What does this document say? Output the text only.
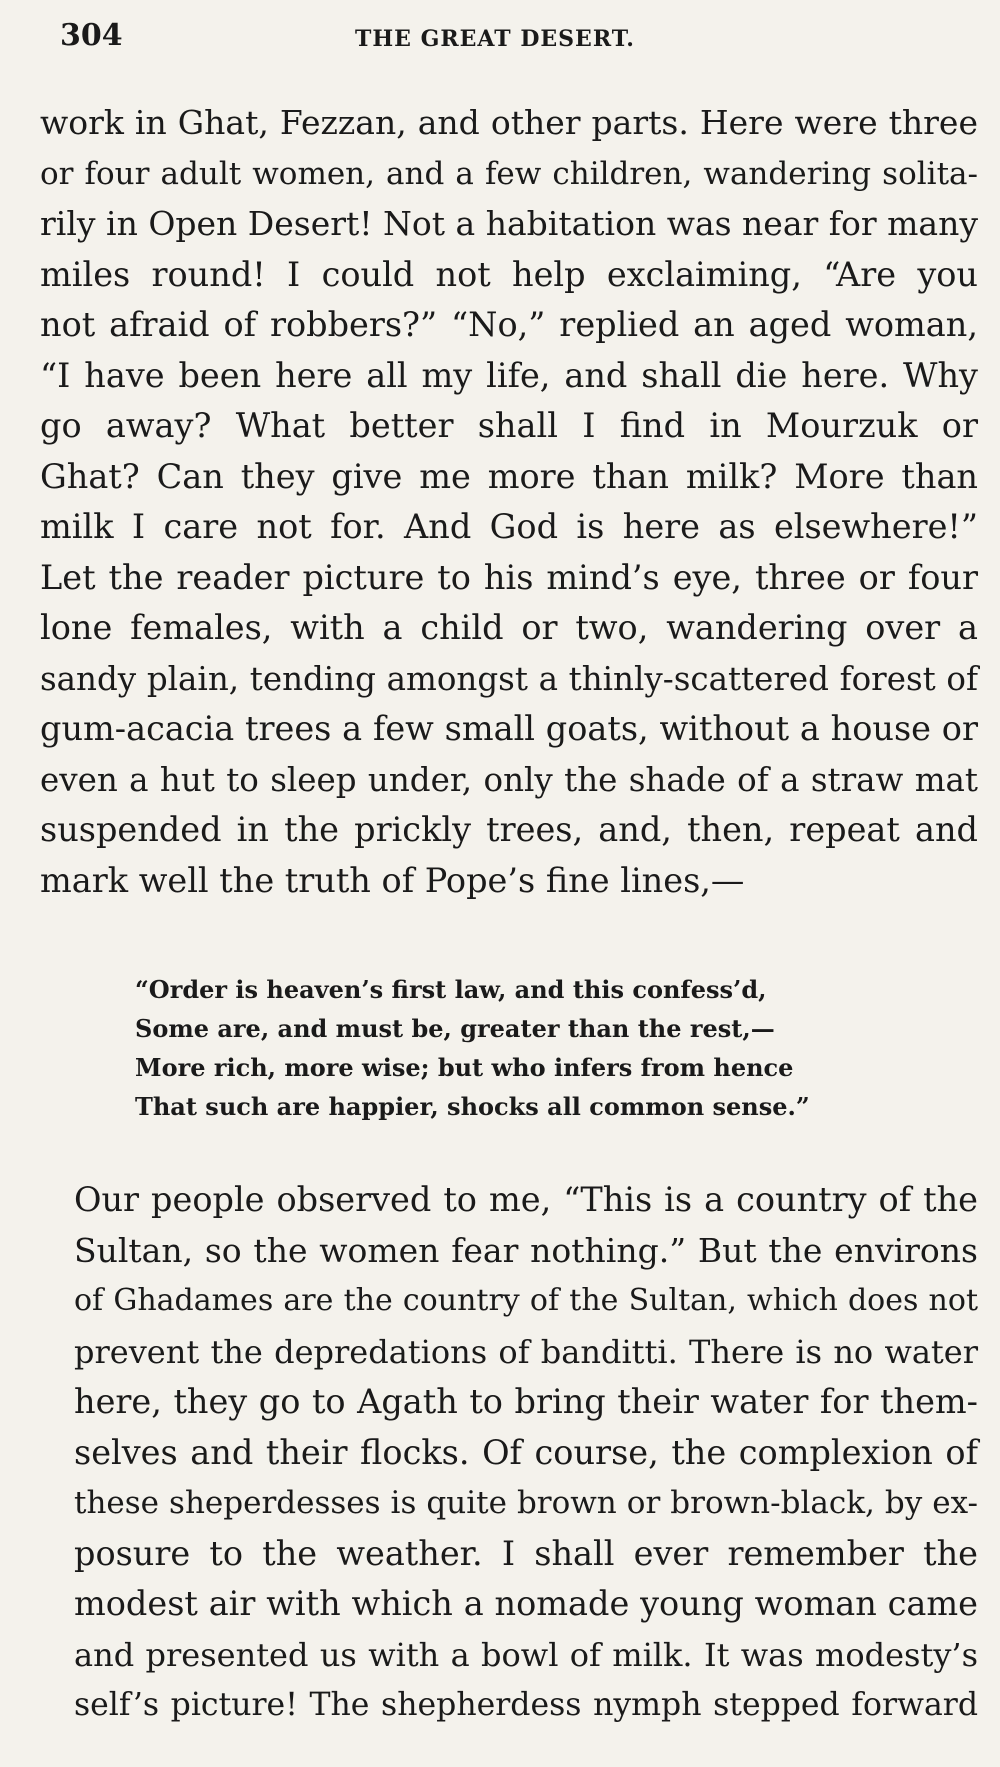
304	THE GREAT DESERT.
work in Ghat, Fezzan, and other parts. Here were three
or four adult women, and a few children, wandering solita-
rily in Open Desert! Not a habitation was near for many
miles round! I could not help exclaiming, “Are you
not afraid of robbers?” “No,” replied an aged woman,
“I have been here all my life, and shall die here. Why
go away? What better shall I find in Mourzuk or
Ghat? Can they give me more than milk? More than
milk I care not for. And God is here as elsewhere!”
Let the reader picture to his mind’s eye, three or four
lone females, with a child or two, wandering over a
sandy plain, tending amongst a thinly-scattered forest of
gum-acacia trees a few small goats, without a house or
even a hut to sleep under, only the shade of a straw mat
suspended in the prickly trees, and, then, repeat and
mark well the truth of Pope’s fine lines,—
“Order is heaven’s first law, and this confess’d,
Some are, and must be, greater than the rest,—
More rich, more wise; but who infers from hence
That such are happier, shocks all common sense.”
Our people observed to me, “This is a country of the
Sultan, so the women fear nothing.” But the environs
of Ghadames are the country of the Sultan, which does not
prevent the depredations of banditti. There is no water
here, they go to Agath to bring their water for them-
selves and their flocks. Of course, the complexion of
these sheperdesses is quite brown or brown-black, by ex-
posure to the weather. I shall ever remember the
modest air with which a nomade young woman came
and presented us with a bowl of milk. It was modesty’s
self’s picture! The shepherdess nymph stepped forward
